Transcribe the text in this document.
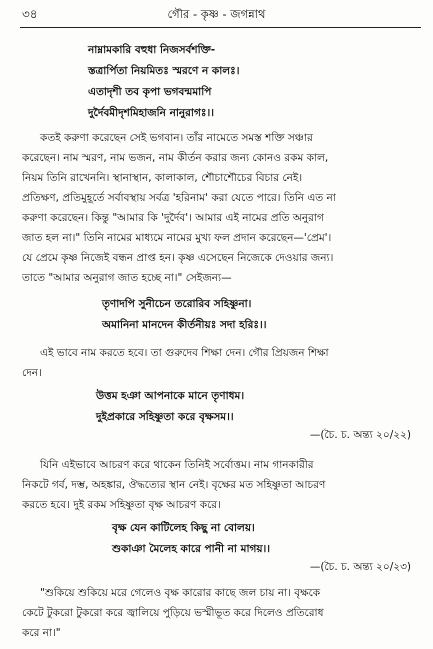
৩৪	গৌর - কৃষ্ণ - জগন্নাথ
নাম্নামকারি বহুধা নিজসর্বশক্তি-
স্তত্রার্পিতা নিয়মিতঃ স্মরণে ন কালঃ।
এতাদৃশী তব কৃপা ভগবন্মমাপি
দুর্দৈবমীদৃশমিহাজনি নানুরাগঃ।।
কতই করুণা করেছেন সেই ভগবান। তাঁর নামেতে সমস্ত শক্তি সঞ্চার
করেছেন। নাম স্মরণ, নাম ভজন, নাম কীর্তন করার জন্য কোনও রকম কাল,
নিয়ম তিনি রাখেননি। স্থানাস্থান, কালাকাল, শৌচাশৌচের বিচার নেই।
প্রতিক্ষণ, প্রতিমুহূর্তে সর্বাবস্থায় সর্বত্র 'হরিনাম' করা যেতে পারে। তিনি এত না
করুণা করেছেন। কিন্তু "আমার কি 'দুর্দৈব'। আমার এই নামের প্রতি অনুরাগ
জাত হল না।" তিনি নামের মাধ্যমে নামের মুখ্য ফল প্রদান করেছেন—'প্রেম'।
যে প্রেমে কৃষ্ণ নিজেই বন্ধন প্রাপ্ত হন। কৃষ্ণ এসেছেন নিজেকে দেওয়ার জন্য।
তাতে "আমার অনুরাগ জাত হচ্ছে না।" সেইজন্য—
তৃণাদপি সুনীচেন তরোরিব সহিষ্ণুনা।
অমানিনা মানদেন কীর্তনীয়ঃ সদা হরিঃ।।
এই ভাবে নাম করতে হবে। তা গুরুদেব শিক্ষা দেন। গৌর প্রিয়জন শিক্ষা
দেন।
উত্তম হঞা আপনাকে মানে তৃণাধম।
দুইপ্রকারে সহিষ্ণুতা করে বৃক্ষসম।।
—(চৈ. চ. অন্ত্য ২০/২২)
যিনি এইভাবে আচরণ করে থাকেন তিনিই সর্বোত্তম। নাম গানকারীর
নিকটে গর্ব, দম্ভ, অহঙ্কার, ঔদ্ধত্যের স্থান নেই। বৃক্ষের মত সহিষ্ণুতা আচরণ
করতে হবে। দুই রকম সহিষ্ণুতা বৃক্ষ আচরণ করে।
বৃক্ষ যেন কাটিলেহ কিছু না বোলয়।
শুকাঞা মৈলেহ কারে পানী না মাগয়।।
—(চৈ. চ. অন্ত্য ২০/২৩)
"শুকিয়ে শুকিয়ে মরে গেলেও বৃক্ষ কারোর কাছে জল চায় না। বৃক্ষকে
কেটে টুকরো টুকরো করে জ্বালিয়ে পুড়িয়ে ভস্মীভূত করে দিলেও প্রতিরোধ
করে না।"
